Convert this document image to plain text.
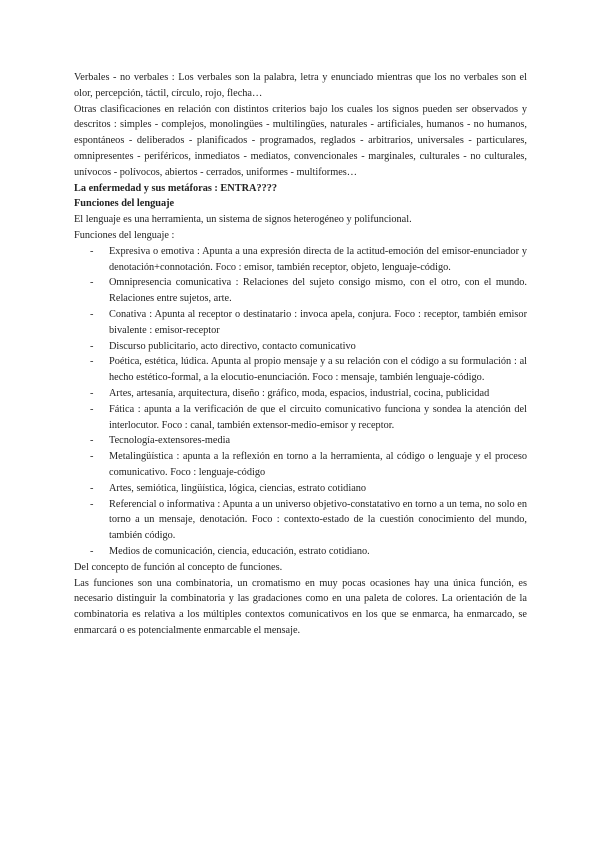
Verbales - no verbales : Los verbales son la palabra, letra y enunciado mientras que los no verbales son el olor, percepción, táctil, círculo, rojo, flecha…

Otras clasificaciones en relación con distintos criterios bajo los cuales los signos pueden ser observados y descritos : simples - complejos, monolingües - multilingües, naturales - artificiales, humanos - no humanos, espontáneos - deliberados - planificados - programados, reglados - arbitrarios, universales - particulares, omnipresentes - periféricos, inmediatos - mediatos, convencionales - marginales, culturales - no culturales, unívocos - polívocos, abiertos - cerrados, uniformes - multiformes…

La enfermedad y sus metáforas : ENTRA????

Funciones del lenguaje

El lenguaje es una herramienta, un sistema de signos heterogéneo y polifuncional.

Funciones del lenguaje :

- Expresiva o emotiva : Apunta a una expresión directa de la actitud-emoción del emisor-enunciador y denotación+connotación. Foco : emisor, también receptor, objeto, lenguaje-código.
- Omnipresencia comunicativa : Relaciones del sujeto consigo mismo, con el otro, con el mundo. Relaciones entre sujetos, arte.
- Conativa : Apunta al receptor o destinatario : invoca apela, conjura. Foco : receptor, también emisor bivalente : emisor-receptor
- Discurso publicitario, acto directivo, contacto comunicativo
- Poética, estética, lúdica. Apunta al propio mensaje y a su relación con el código a su formulación : al hecho estético-formal, a la elocutio-enunciación. Foco : mensaje, también lenguaje-código.
- Artes, artesanía, arquitectura, diseño : gráfico, moda, espacios, industrial, cocina, publicidad
- Fática : apunta a la verificación de que el circuito comunicativo funciona y sondea la atención del interlocutor. Foco : canal, también extensor-medio-emisor y receptor.
- Tecnología-extensores-media
- Metalingüística : apunta a la reflexión en torno a la herramienta, al código o lenguaje y el proceso comunicativo. Foco : lenguaje-código
- Artes, semiótica, lingüística, lógica, ciencias, estrato cotidiano
- Referencial o informativa : Apunta a un universo objetivo-constatativo en torno a un tema, no solo en torno a un mensaje, denotación. Foco : contexto-estado de la cuestión conocimiento del mundo, también código.
- Medios de comunicación, ciencia, educación, estrato cotidiano.

Del concepto de función al concepto de funciones.

Las funciones son una combinatoria, un cromatismo en muy pocas ocasiones hay una única función, es necesario distinguir la combinatoria y las gradaciones como en una paleta de colores. La orientación de la combinatoria es relativa a los múltiples contextos comunicativos en los que se enmarca, ha enmarcado, se enmarcará o es potencialmente enmarcable el mensaje.
